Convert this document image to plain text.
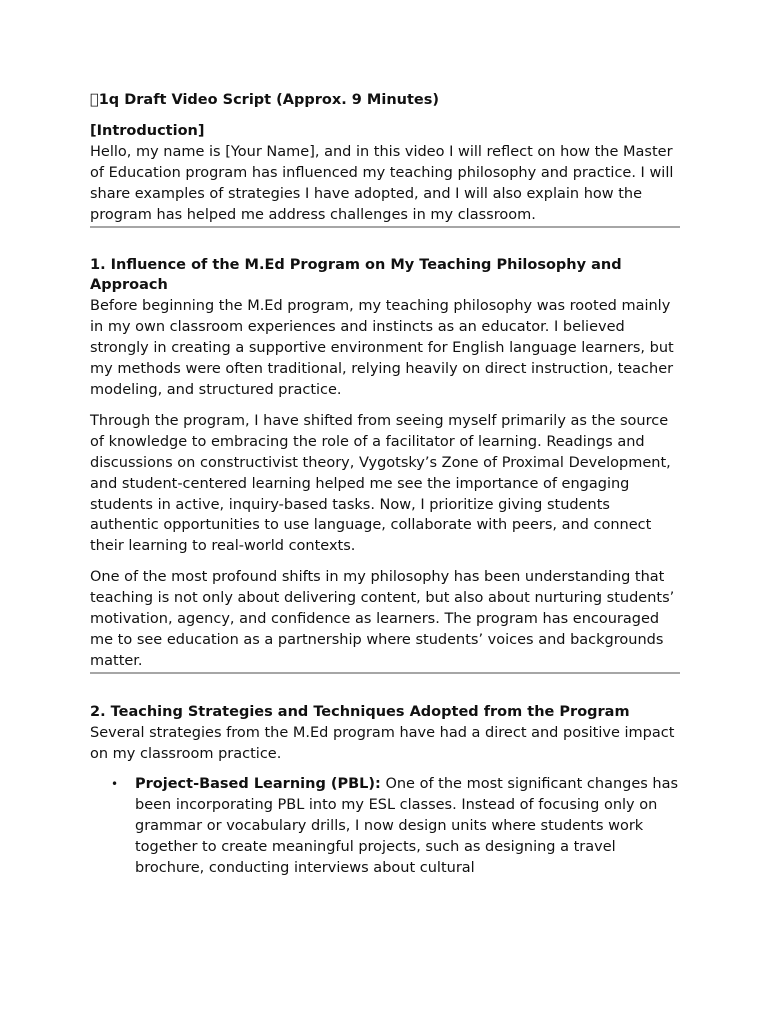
 1q Draft Video Script (Approx. 9 Minutes)
[Introduction]

Hello, my name is [Your Name], and in this video I will reflect on how the Master of Education program has influenced my teaching philosophy and practice. I will share examples of strategies I have adopted, and I will also explain how the program has helped me address challenges in my classroom.

1. Influence of the M.Ed Program on My Teaching Philosophy and Approach

Before beginning the M.Ed program, my teaching philosophy was rooted mainly in my own classroom experiences and instincts as an educator. I believed strongly in creating a supportive environment for English language learners, but my methods were often traditional, relying heavily on direct instruction, teacher modeling, and structured practice.

Through the program, I have shifted from seeing myself primarily as the source of knowledge to embracing the role of a facilitator of learning. Readings and discussions on constructivist theory, Vygotsky’s Zone of Proximal Development, and student-centered learning helped me see the importance of engaging students in active, inquiry-based tasks. Now, I prioritize giving students authentic opportunities to use language, collaborate with peers, and connect their learning to real-world contexts.

One of the most profound shifts in my philosophy has been understanding that teaching is not only about delivering content, but also about nurturing students’ motivation, agency, and confidence as learners. The program has encouraged me to see education as a partnership where students’ voices and backgrounds matter.

2. Teaching Strategies and Techniques Adopted from the Program

Several strategies from the M.Ed program have had a direct and positive impact on my classroom practice.

• Project-Based Learning (PBL): One of the most significant changes has been incorporating PBL into my ESL classes. Instead of focusing only on grammar or vocabulary drills, I now design units where students work together to create meaningful projects, such as designing a travel brochure, conducting interviews about cultural
